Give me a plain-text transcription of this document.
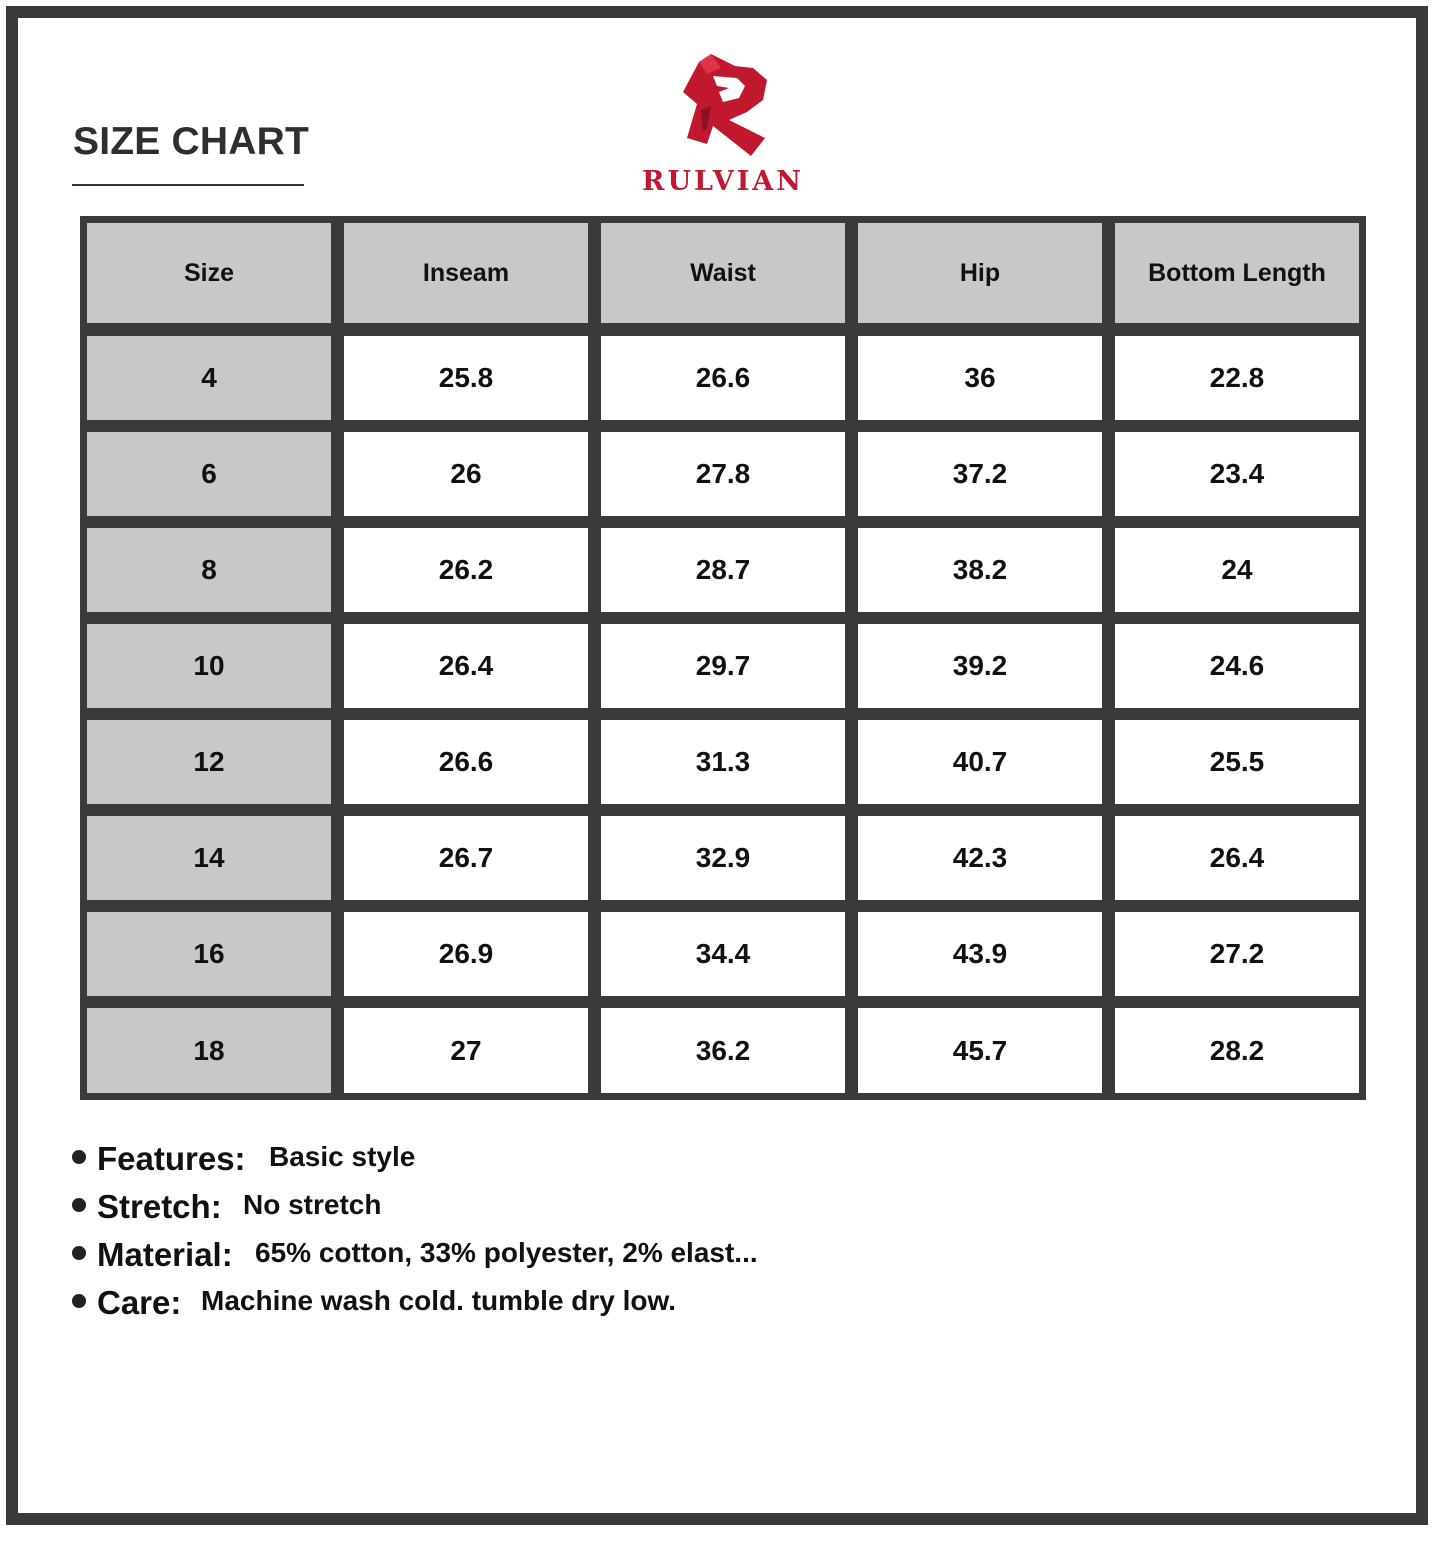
SIZE CHART
RULVIAN
Size	Inseam	Waist	Hip	Bottom Length
4	25.8	26.6	36	22.8
6	26	27.8	37.2	23.4
8	26.2	28.7	38.2	24
10	26.4	29.7	39.2	24.6
12	26.6	31.3	40.7	25.5
14	26.7	32.9	42.3	26.4
16	26.9	34.4	43.9	27.2
18	27	36.2	45.7	28.2
Features: Basic style
Stretch: No stretch
Material: 65% cotton, 33% polyester, 2% elast...
Care: Machine wash cold. tumble dry low.
